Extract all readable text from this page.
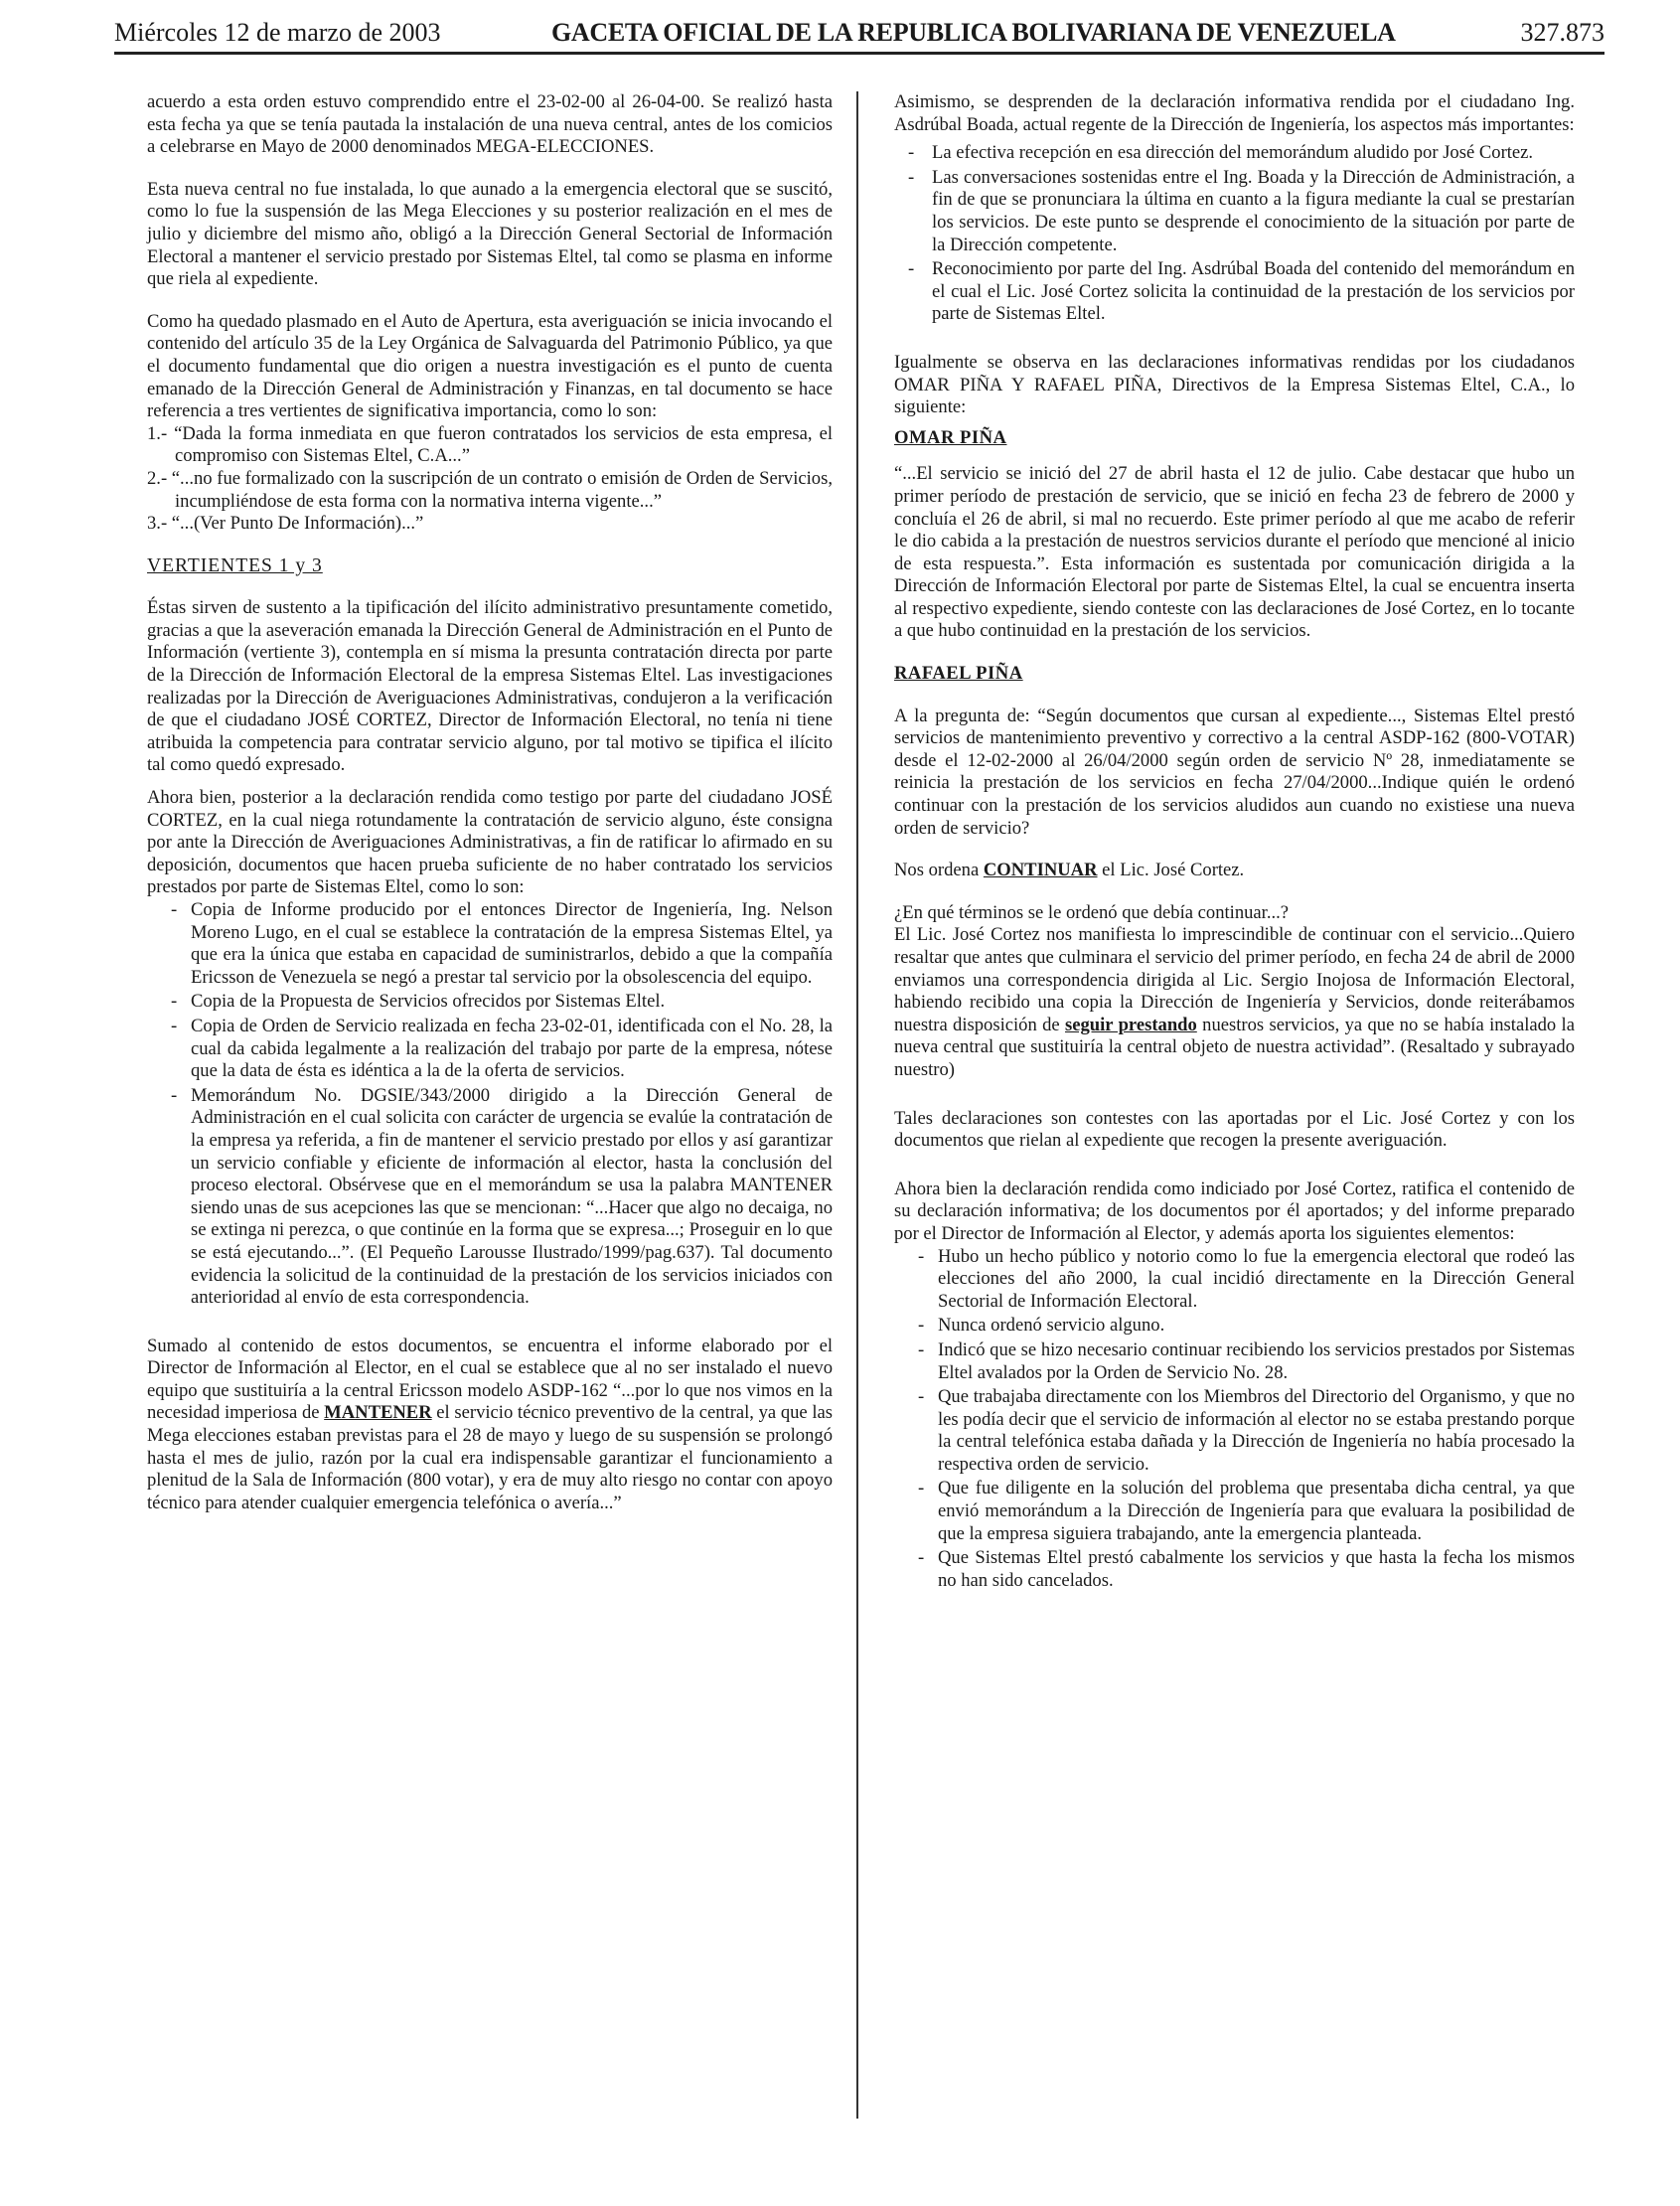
Miércoles 12 de marzo de 2003	GACETA OFICIAL DE LA REPUBLICA BOLIVARIANA DE VENEZUELA	327.873

acuerdo a esta orden estuvo comprendido entre el 23-02-00 al 26-04-00. Se realizó hasta esta fecha ya que se tenía pautada la instalación de una nueva central, antes de los comicios a celebrarse en Mayo de 2000 denominados MEGA-ELECCIONES.

Esta nueva central no fue instalada, lo que aunado a la emergencia electoral que se suscitó, como lo fue la suspensión de las Mega Elecciones y su posterior realización en el mes de julio y diciembre del mismo año, obligó a la Dirección General Sectorial de Información Electoral a mantener el servicio prestado por Sistemas Eltel, tal como se plasma en informe que riela al expediente.

Como ha quedado plasmado en el Auto de Apertura, esta averiguación se inicia invocando el contenido del artículo 35 de la Ley Orgánica de Salvaguarda del Patrimonio Público, ya que el documento fundamental que dio origen a nuestra investigación es el punto de cuenta emanado de la Dirección General de Administración y Finanzas, en tal documento se hace referencia a tres vertientes de significativa importancia, como lo son:

1.- “Dada la forma inmediata en que fueron contratados los servicios de esta empresa, el compromiso con Sistemas Eltel, C.A...”

2.- “...no fue formalizado con la suscripción de un contrato o emisión de Orden de Servicios, incumpliéndose de esta forma con la normativa interna vigente...”

3.- “...(Ver Punto De Información)...”

VERTIENTES 1 y 3

Éstas sirven de sustento a la tipificación del ilícito administrativo presuntamente cometido, gracias a que la aseveración emanada la Dirección General de Administración en el Punto de Información (vertiente 3), contempla en sí misma la presunta contratación directa por parte de la Dirección de Información Electoral de la empresa Sistemas Eltel. Las investigaciones realizadas por la Dirección de Averiguaciones Administrativas, condujeron a la verificación de que el ciudadano JOSÉ CORTEZ, Director de Información Electoral, no tenía ni tiene atribuida la competencia para contratar servicio alguno, por tal motivo se tipifica el ilícito tal como quedó expresado.

Ahora bien, posterior a la declaración rendida como testigo por parte del ciudadano JOSÉ CORTEZ, en la cual niega rotundamente la contratación de servicio alguno, éste consigna por ante la Dirección de Averiguaciones Administrativas, a fin de ratificar lo afirmado en su deposición, documentos que hacen prueba suficiente de no haber contratado los servicios prestados por parte de Sistemas Eltel, como lo son:

- Copia de Informe producido por el entonces Director de Ingeniería, Ing. Nelson Moreno Lugo, en el cual se establece la contratación de la empresa Sistemas Eltel, ya que era la única que estaba en capacidad de suministrarlos, debido a que la compañía Ericsson de Venezuela se negó a prestar tal servicio por la obsolescencia del equipo.
- Copia de la Propuesta de Servicios ofrecidos por Sistemas Eltel.
- Copia de Orden de Servicio realizada en fecha 23-02-01, identificada con el No. 28, la cual da cabida legalmente a la realización del trabajo por parte de la empresa, nótese que la data de ésta es idéntica a la de la oferta de servicios.
- Memorándum No. DGSIE/343/2000 dirigido a la Dirección General de Administración en el cual solicita con carácter de urgencia se evalúe la contratación de la empresa ya referida, a fin de mantener el servicio prestado por ellos y así garantizar un servicio confiable y eficiente de información al elector, hasta la conclusión del proceso electoral. Obsérvese que en el memorándum se usa la palabra MANTENER siendo unas de sus acepciones las que se mencionan: “...Hacer que algo no decaiga, no se extinga ni perezca, o que continúe en la forma que se expresa...; Proseguir en lo que se está ejecutando...”. (El Pequeño Larousse Ilustrado/1999/pag.637). Tal documento evidencia la solicitud de la continuidad de la prestación de los servicios iniciados con anterioridad al envío de esta correspondencia.

Sumado al contenido de estos documentos, se encuentra el informe elaborado por el Director de Información al Elector, en el cual se establece que al no ser instalado el nuevo equipo que sustituiría a la central Ericsson modelo ASDP-162 “...por lo que nos vimos en la necesidad imperiosa de MANTENER el servicio técnico preventivo de la central, ya que las Mega elecciones estaban previstas para el 28 de mayo y luego de su suspensión se prolongó hasta el mes de julio, razón por la cual era indispensable garantizar el funcionamiento a plenitud de la Sala de Información (800 votar), y era de muy alto riesgo no contar con apoyo técnico para atender cualquier emergencia telefónica o avería...”

Asimismo, se desprenden de la declaración informativa rendida por el ciudadano Ing. Asdrúbal Boada, actual regente de la Dirección de Ingeniería, los aspectos más importantes:

- La efectiva recepción en esa dirección del memorándum aludido por José Cortez.
- Las conversaciones sostenidas entre el Ing. Boada y la Dirección de Administración, a fin de que se pronunciara la última en cuanto a la figura mediante la cual se prestarían los servicios. De este punto se desprende el conocimiento de la situación por parte de la Dirección competente.
- Reconocimiento por parte del Ing. Asdrúbal Boada del contenido del memorándum en el cual el Lic. José Cortez solicita la continuidad de la prestación de los servicios por parte de Sistemas Eltel.

Igualmente se observa en las declaraciones informativas rendidas por los ciudadanos OMAR PIÑA Y RAFAEL PIÑA, Directivos de la Empresa Sistemas Eltel, C.A., lo siguiente:

OMAR PIÑA

“...El servicio se inició del 27 de abril hasta el 12 de julio. Cabe destacar que hubo un primer período de prestación de servicio, que se inició en fecha 23 de febrero de 2000 y concluía el 26 de abril, si mal no recuerdo. Este primer período al que me acabo de referir le dio cabida a la prestación de nuestros servicios durante el período que mencioné al inicio de esta respuesta.”. Esta información es sustentada por comunicación dirigida a la Dirección de Información Electoral por parte de Sistemas Eltel, la cual se encuentra inserta al respectivo expediente, siendo conteste con las declaraciones de José Cortez, en lo tocante a que hubo continuidad en la prestación de los servicios.

RAFAEL PIÑA

A la pregunta de: “Según documentos que cursan al expediente..., Sistemas Eltel prestó servicios de mantenimiento preventivo y correctivo a la central ASDP-162 (800-VOTAR) desde el 12-02-2000 al 26/04/2000 según orden de servicio Nº 28, inmediatamente se reinicia la prestación de los servicios en fecha 27/04/2000...Indique quién le ordenó continuar con la prestación de los servicios aludidos aun cuando no existiese una nueva orden de servicio?

Nos ordena CONTINUAR el Lic. José Cortez.

¿En qué términos se le ordenó que debía continuar...?

El Lic. José Cortez nos manifiesta lo imprescindible de continuar con el servicio...Quiero resaltar que antes que culminara el servicio del primer período, en fecha 24 de abril de 2000 enviamos una correspondencia dirigida al Lic. Sergio Inojosa de Información Electoral, habiendo recibido una copia la Dirección de Ingeniería y Servicios, donde reiterábamos nuestra disposición de seguir prestando nuestros servicios, ya que no se había instalado la nueva central que sustituiría la central objeto de nuestra actividad”. (Resaltado y subrayado nuestro)

Tales declaraciones son contestes con las aportadas por el Lic. José Cortez y con los documentos que rielan al expediente que recogen la presente averiguación.

Ahora bien la declaración rendida como indiciado por José Cortez, ratifica el contenido de su declaración informativa; de los documentos por él aportados; y del informe preparado por el Director de Información al Elector, y además aporta los siguientes elementos:

- Hubo un hecho público y notorio como lo fue la emergencia electoral que rodeó las elecciones del año 2000, la cual incidió directamente en la Dirección General Sectorial de Información Electoral.
- Nunca ordenó servicio alguno.
- Indicó que se hizo necesario continuar recibiendo los servicios prestados por Sistemas Eltel avalados por la Orden de Servicio No. 28.
- Que trabajaba directamente con los Miembros del Directorio del Organismo, y que no les podía decir que el servicio de información al elector no se estaba prestando porque la central telefónica estaba dañada y la Dirección de Ingeniería no había procesado la respectiva orden de servicio.
- Que fue diligente en la solución del problema que presentaba dicha central, ya que envió memorándum a la Dirección de Ingeniería para que evaluara la posibilidad de que la empresa siguiera trabajando, ante la emergencia planteada.
- Que Sistemas Eltel prestó cabalmente los servicios y que hasta la fecha los mismos no han sido cancelados.
